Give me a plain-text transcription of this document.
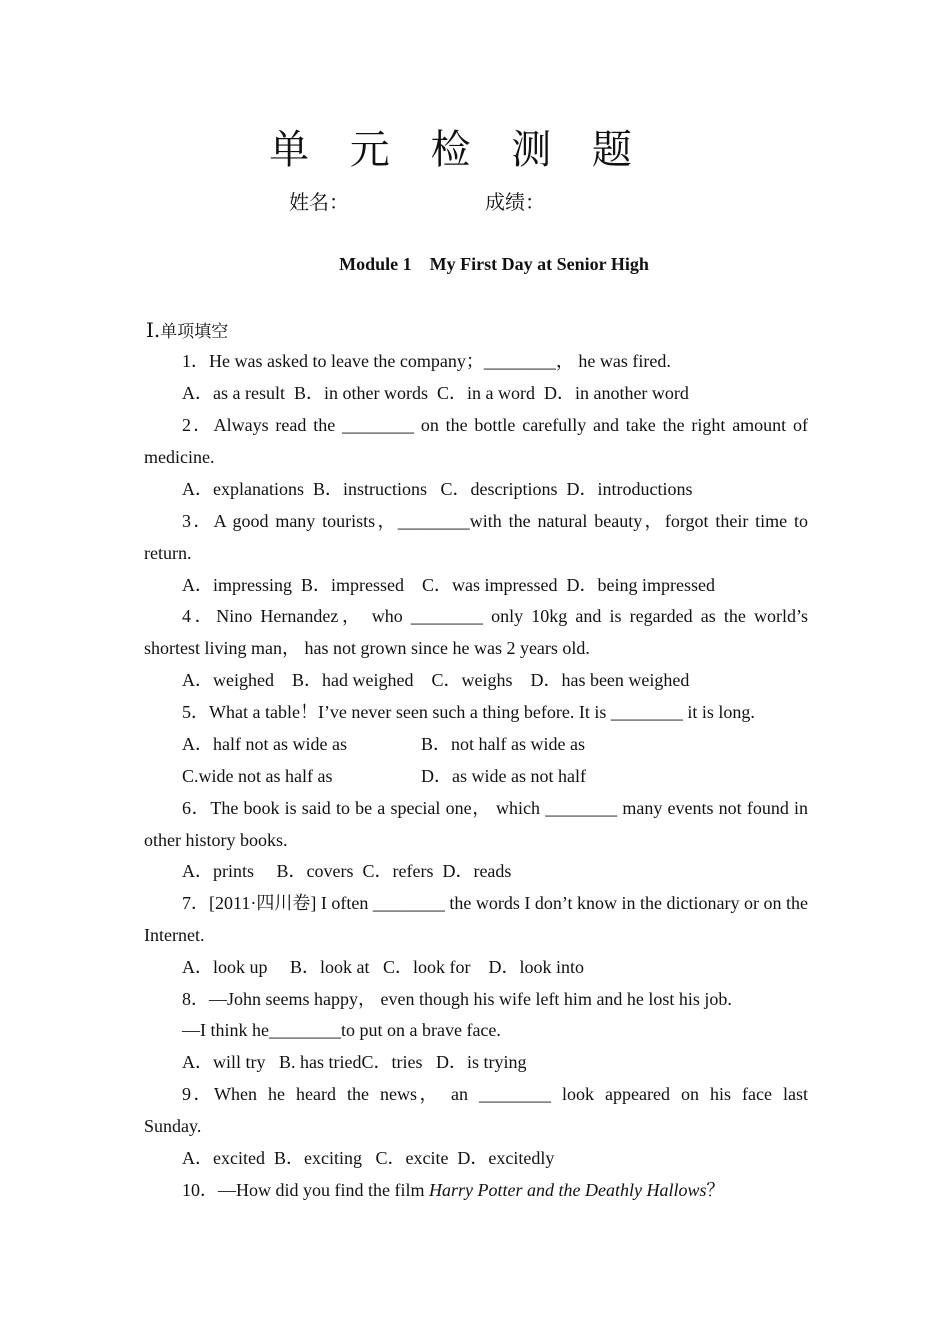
单 元 检 测 题
姓名：	成绩：
Module 1    My First Day at Senior High
Ⅰ.单项填空
1．He was asked to leave the company；________， he was fired.
A．as a result  B．in other words  C．in a word  D．in another word
2．Always read the ________ on the bottle carefully and take the right amount of medicine.
A．explanations  B．instructions   C．descriptions  D．introductions
3．A good many tourists，________with the natural beauty，forgot their time to return.
A．impressing  B．impressed    C．was impressed  D．being impressed
4．Nino Hernandez， who ________ only 10kg and is regarded as the world’s shortest living man， has not grown since he was 2 years old.
A．weighed    B．had weighed    C．weighs    D．has been weighed
5．What a table！I’ve never seen such a thing before. It is ________ it is long.
A．half not as wide as	B．not half as wide as
C.wide not as half as	D．as wide as not half
6．The book is said to be a special one， which ________ many events not found in other history books.
A．prints     B．covers  C．refers  D．reads
7．[2011·四川卷] I often ________ the words I don’t know in the dictionary or on the Internet.
A．look up     B．look at   C．look for    D．look into
8．—John seems happy， even though his wife left him and he lost his job.
—I think he________to put on a brave face.
A．will try   B. has triedC．tries   D．is trying
9．When he heard the news， an ________ look appeared on his face last Sunday.
A．excited  B．exciting   C．excite  D．excitedly
10．—How did you find the film Harry Potter and the Deathly Hallows？
